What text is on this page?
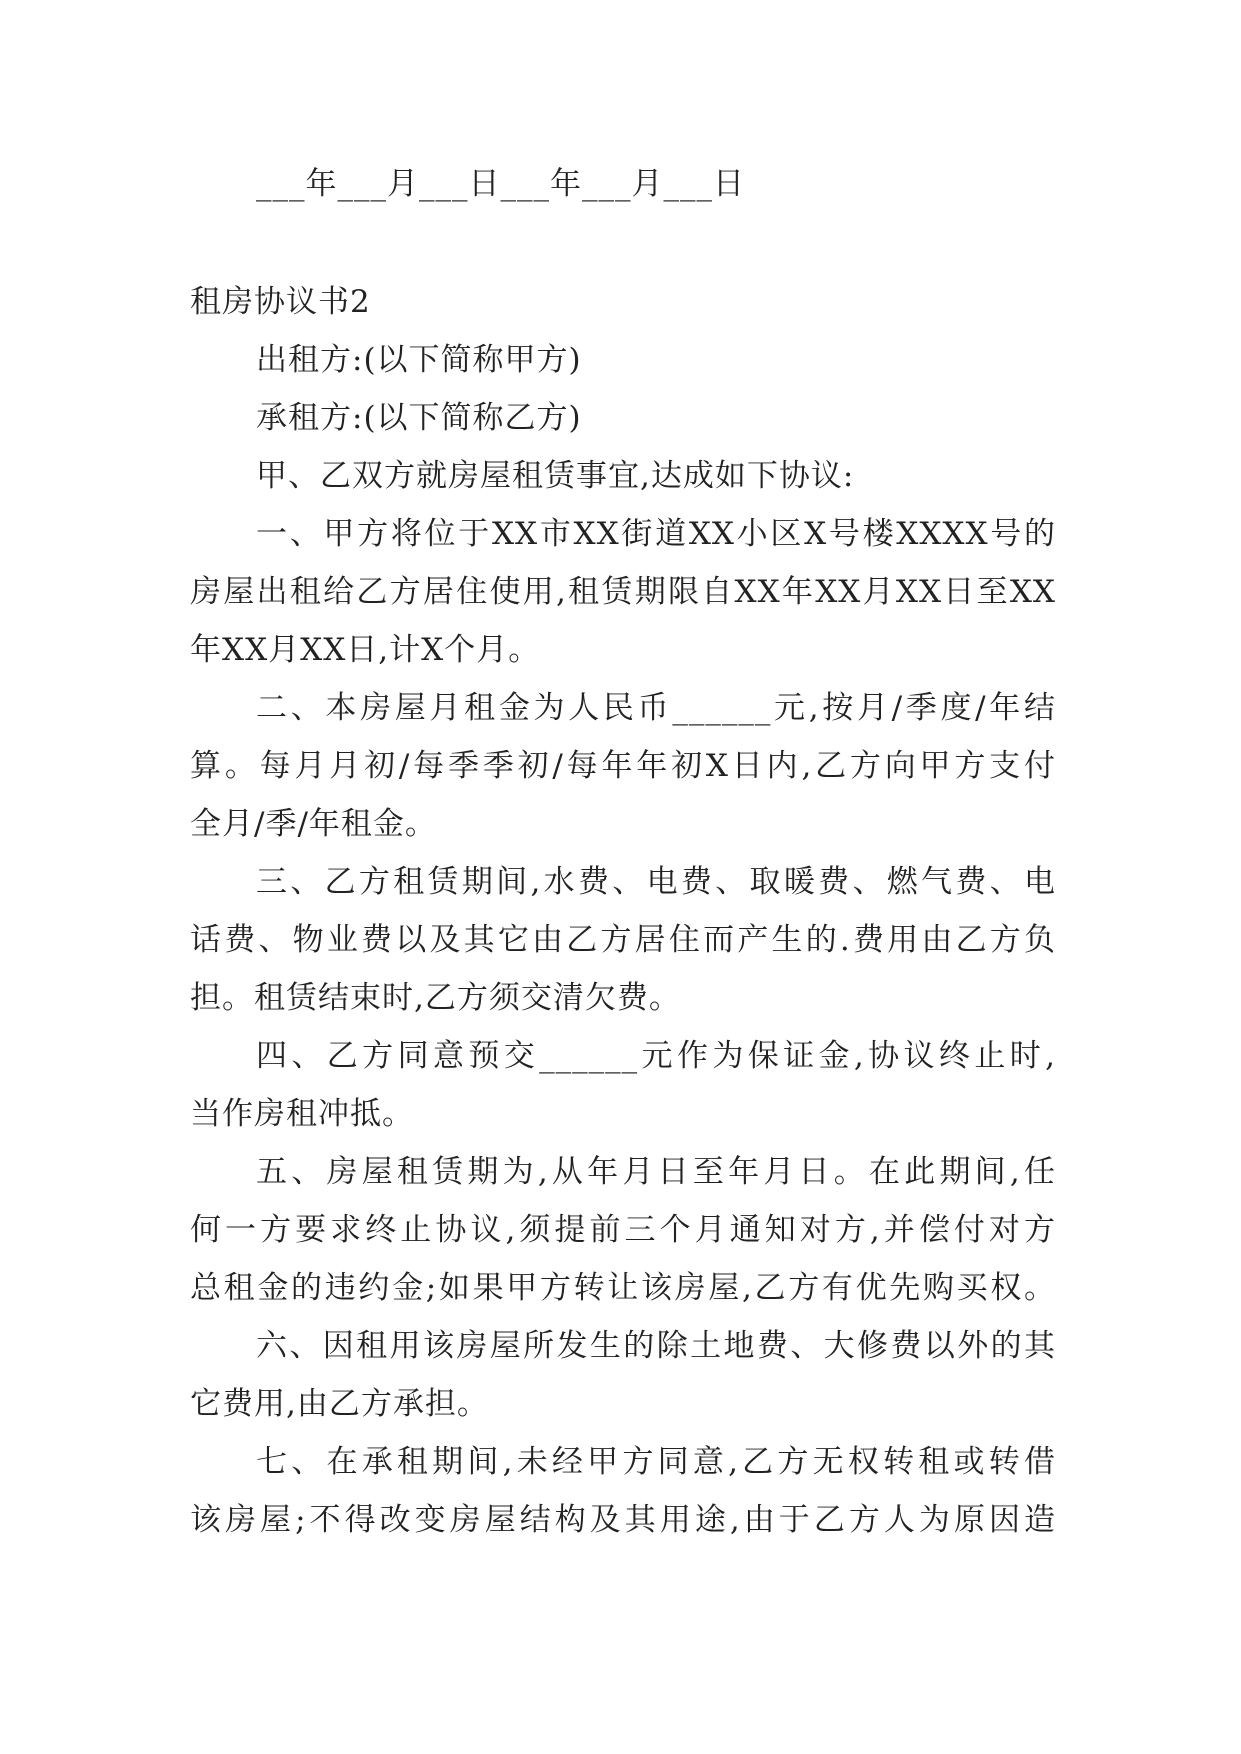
___年___月___日___年___月___日
租房协议书2
出租方:(以下简称甲方)
承租方:(以下简称乙方)
甲、乙双方就房屋租赁事宜,达成如下协议:
一、甲方将位于XX市XX街道XX小区X号楼XXXX号的
房屋出租给乙方居住使用,租赁期限自XX年XX月XX日至XX
年XX月XX日,计X个月。
二、本房屋月租金为人民币______元,按月/季度/年结
算。每月月初/每季季初/每年年初X日内,乙方向甲方支付
全月/季/年租金。
三、乙方租赁期间,水费、电费、取暖费、燃气费、电
话费、物业费以及其它由乙方居住而产生的.费用由乙方负
担。租赁结束时,乙方须交清欠费。
四、乙方同意预交______元作为保证金,协议终止时,
当作房租冲抵。
五、房屋租赁期为,从年月日至年月日。在此期间,任
何一方要求终止协议,须提前三个月通知对方,并偿付对方
总租金的违约金;如果甲方转让该房屋,乙方有优先购买权。
六、因租用该房屋所发生的除土地费、大修费以外的其
它费用,由乙方承担。
七、在承租期间,未经甲方同意,乙方无权转租或转借
该房屋;不得改变房屋结构及其用途,由于乙方人为原因造
